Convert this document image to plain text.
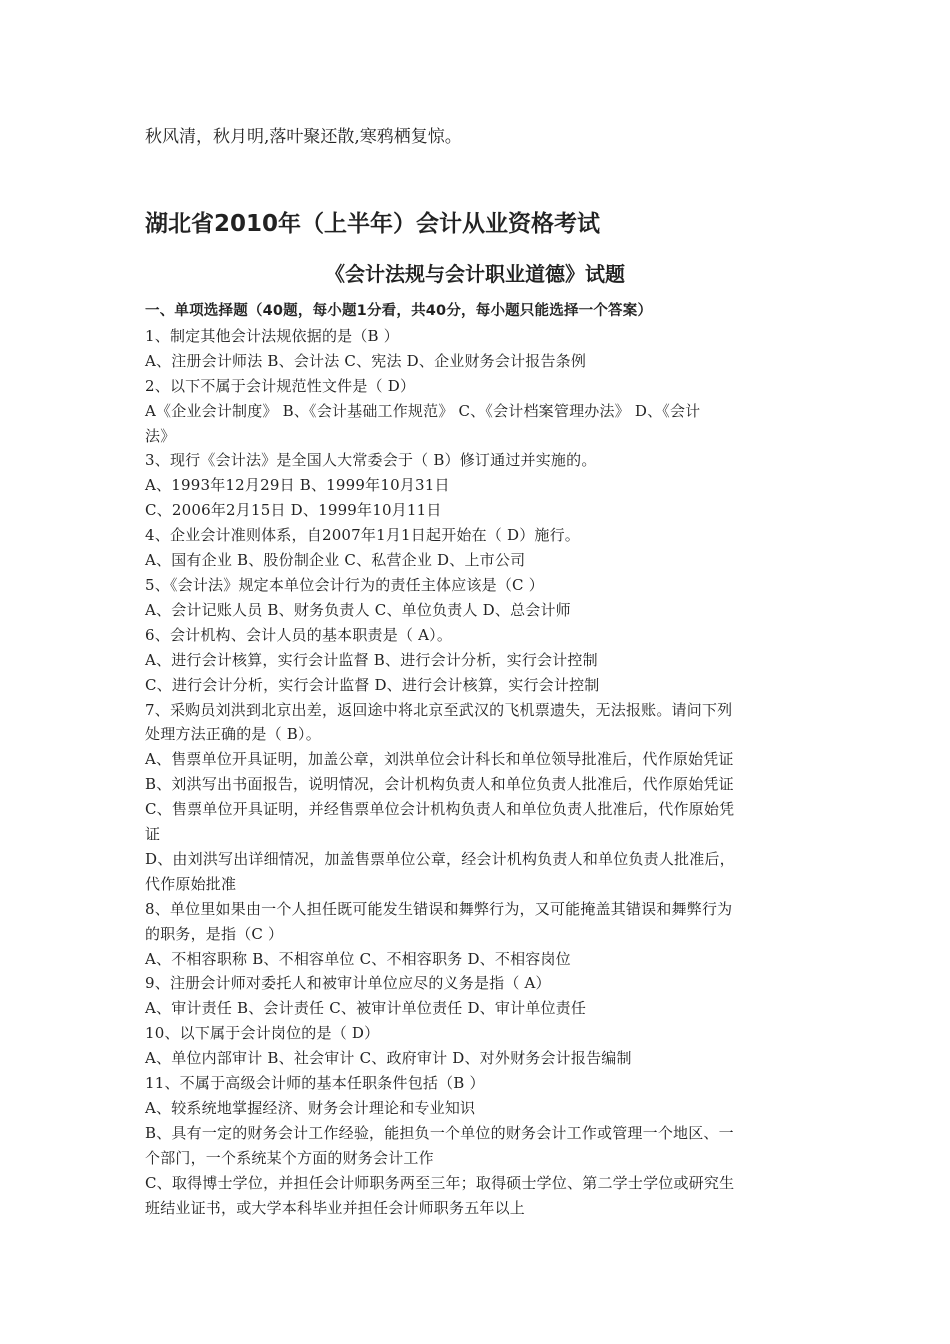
秋风清，秋月明,落叶聚还散,寒鸦栖复惊。

湖北省2010年（上半年）会计从业资格考试
《会计法规与会计职业道德》试题

一、单项选择题（40题，每小题1分看，共40分，每小题只能选择一个答案）

1、制定其他会计法规依据的是（B ）

A、注册会计师法 B、会计法 C、宪法 D、企业财务会计报告条例

2、以下不属于会计规范性文件是（ D）

A《企业会计制度》 B、《会计基础工作规范》 C、《会计档案管理办法》 D、《会计

法》

3、现行《会计法》是全国人大常委会于（ B）修订通过并实施的。

A、1993年12月29日 B、1999年10月31日

C、2006年2月15日 D、1999年10月11日

4、企业会计准则体系，自2007年1月1日起开始在（ D）施行。

A、国有企业 B、股份制企业 C、私营企业 D、上市公司

5、《会计法》规定本单位会计行为的责任主体应该是（C ）

A、会计记账人员 B、财务负责人 C、单位负责人 D、总会计师

6、会计机构、会计人员的基本职责是（ A）。

A、进行会计核算，实行会计监督 B、进行会计分析，实行会计控制

C、进行会计分析，实行会计监督 D、进行会计核算，实行会计控制

7、采购员刘洪到北京出差，返回途中将北京至武汉的飞机票遗失，无法报账。请问下列

处理方法正确的是（ B）。

A、售票单位开具证明，加盖公章，刘洪单位会计科长和单位领导批准后，代作原始凭证

B、刘洪写出书面报告，说明情况，会计机构负责人和单位负责人批准后，代作原始凭证

C、售票单位开具证明，并经售票单位会计机构负责人和单位负责人批准后，代作原始凭

证

D、由刘洪写出详细情况，加盖售票单位公章，经会计机构负责人和单位负责人批准后，

代作原始批准

8、单位里如果由一个人担任既可能发生错误和舞弊行为，又可能掩盖其错误和舞弊行为

的职务，是指（C ）

A、不相容职称 B、不相容单位 C、不相容职务 D、不相容岗位

9、注册会计师对委托人和被审计单位应尽的义务是指（ A）

A、审计责任 B、会计责任 C、被审计单位责任 D、审计单位责任

10、以下属于会计岗位的是（ D）

A、单位内部审计 B、社会审计 C、政府审计 D、对外财务会计报告编制

11、不属于高级会计师的基本任职条件包括（B ）

A、较系统地掌握经济、财务会计理论和专业知识

B、具有一定的财务会计工作经验，能担负一个单位的财务会计工作或管理一个地区、一

个部门，一个系统某个方面的财务会计工作

C、取得博士学位，并担任会计师职务两至三年；取得硕士学位、第二学士学位或研究生

班结业证书，或大学本科毕业并担任会计师职务五年以上
